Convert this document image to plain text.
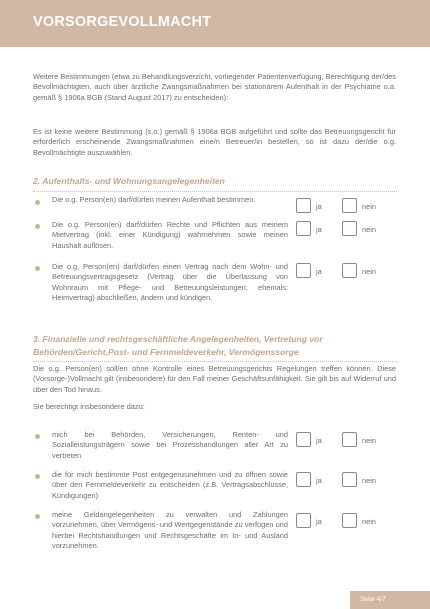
VORSORGEVOLLMACHT
Weitere Bestimmungen (etwa zu Behandlungsverzicht, vorliegender Patientenverfügung, Berechtigung der/des Bevollmächtigten, auch über ärztliche Zwangsmaßnahmen bei stationärem Aufenthalt in der Psychiatrie o.a. gemäß § 1906a BGB (Stand August 2017) zu entscheiden):
Es ist keine weitere Bestimmung (s.o.) gemäß § 1906a BGB aufgeführt und sollte das Betreuungsgericht für erforderlich erscheinende Zwangsmaßnahmen eine/n Betreuer/in bestellen, so ist dazu der/die o.g. Bevollmächtigte auszuwählen.
2. Aufenthalts- und Wohnungsangelegenheiten
Die o.g. Person(en) darf/dürfen meinen Aufenthalt bestimmen.
ja	nein
Die o.g. Person(en) darf/dürfen Rechte und Pflichten aus meinem Mietvertrag (inkl. einer Kündigung) wahrnehmen sowie meinen Haushalt auflösen.
ja	nein
Die o.g. Person(en) darf/dürfen einen Vertrag nach dem Wohn- und Betreuungsvertragsgesetz (Vertrag über die Überlassung von Wohnraum mit Pflege- und Betreuungsleistungen; ehemals: Heimvertrag) abschließen, ändern und kündigen.
ja	nein
3. Finanzielle und rechtsgeschäftliche Angelegenheiten, Vertretung vor Behörden/Gericht,Post- und Fernmeldeverkehr, Vermögenssorge
Die o.g. Person(en) soll/en ohne Kontrolle eines Betreuungsgerichts Regelungen treffen können. Diese (Vorsorge-)Vollmacht gilt (insbesondere) für den Fall meiner Geschäftsunfähigkeit. Sie gilt bis auf Widerruf und über den Tod hinaus.
Sie berechtigt insbesondere dazu:
mich bei Behörden, Versicherungen, Renten- und Sozialleistungsträgern sowie bei Prozesshandlungen aller Art zu vertreten
ja	nein
die für mich bestimmte Post entgegenzunehmen und zu öffnen sowie über den Fernmeldeverkehr zu entscheiden (z.B. Vertragsabschlüsse, Kündigungen)
ja	nein
meine Geldangelegenheiten zu verwalten und Zahlungen vorzunehmen, über Vermögens- und Wertgegenstände zu verfügen und hierbei Rechtshandlungen und Rechtsgeschäfte im In- und Ausland vorzunehmen.
ja	nein
Seite 4/7
